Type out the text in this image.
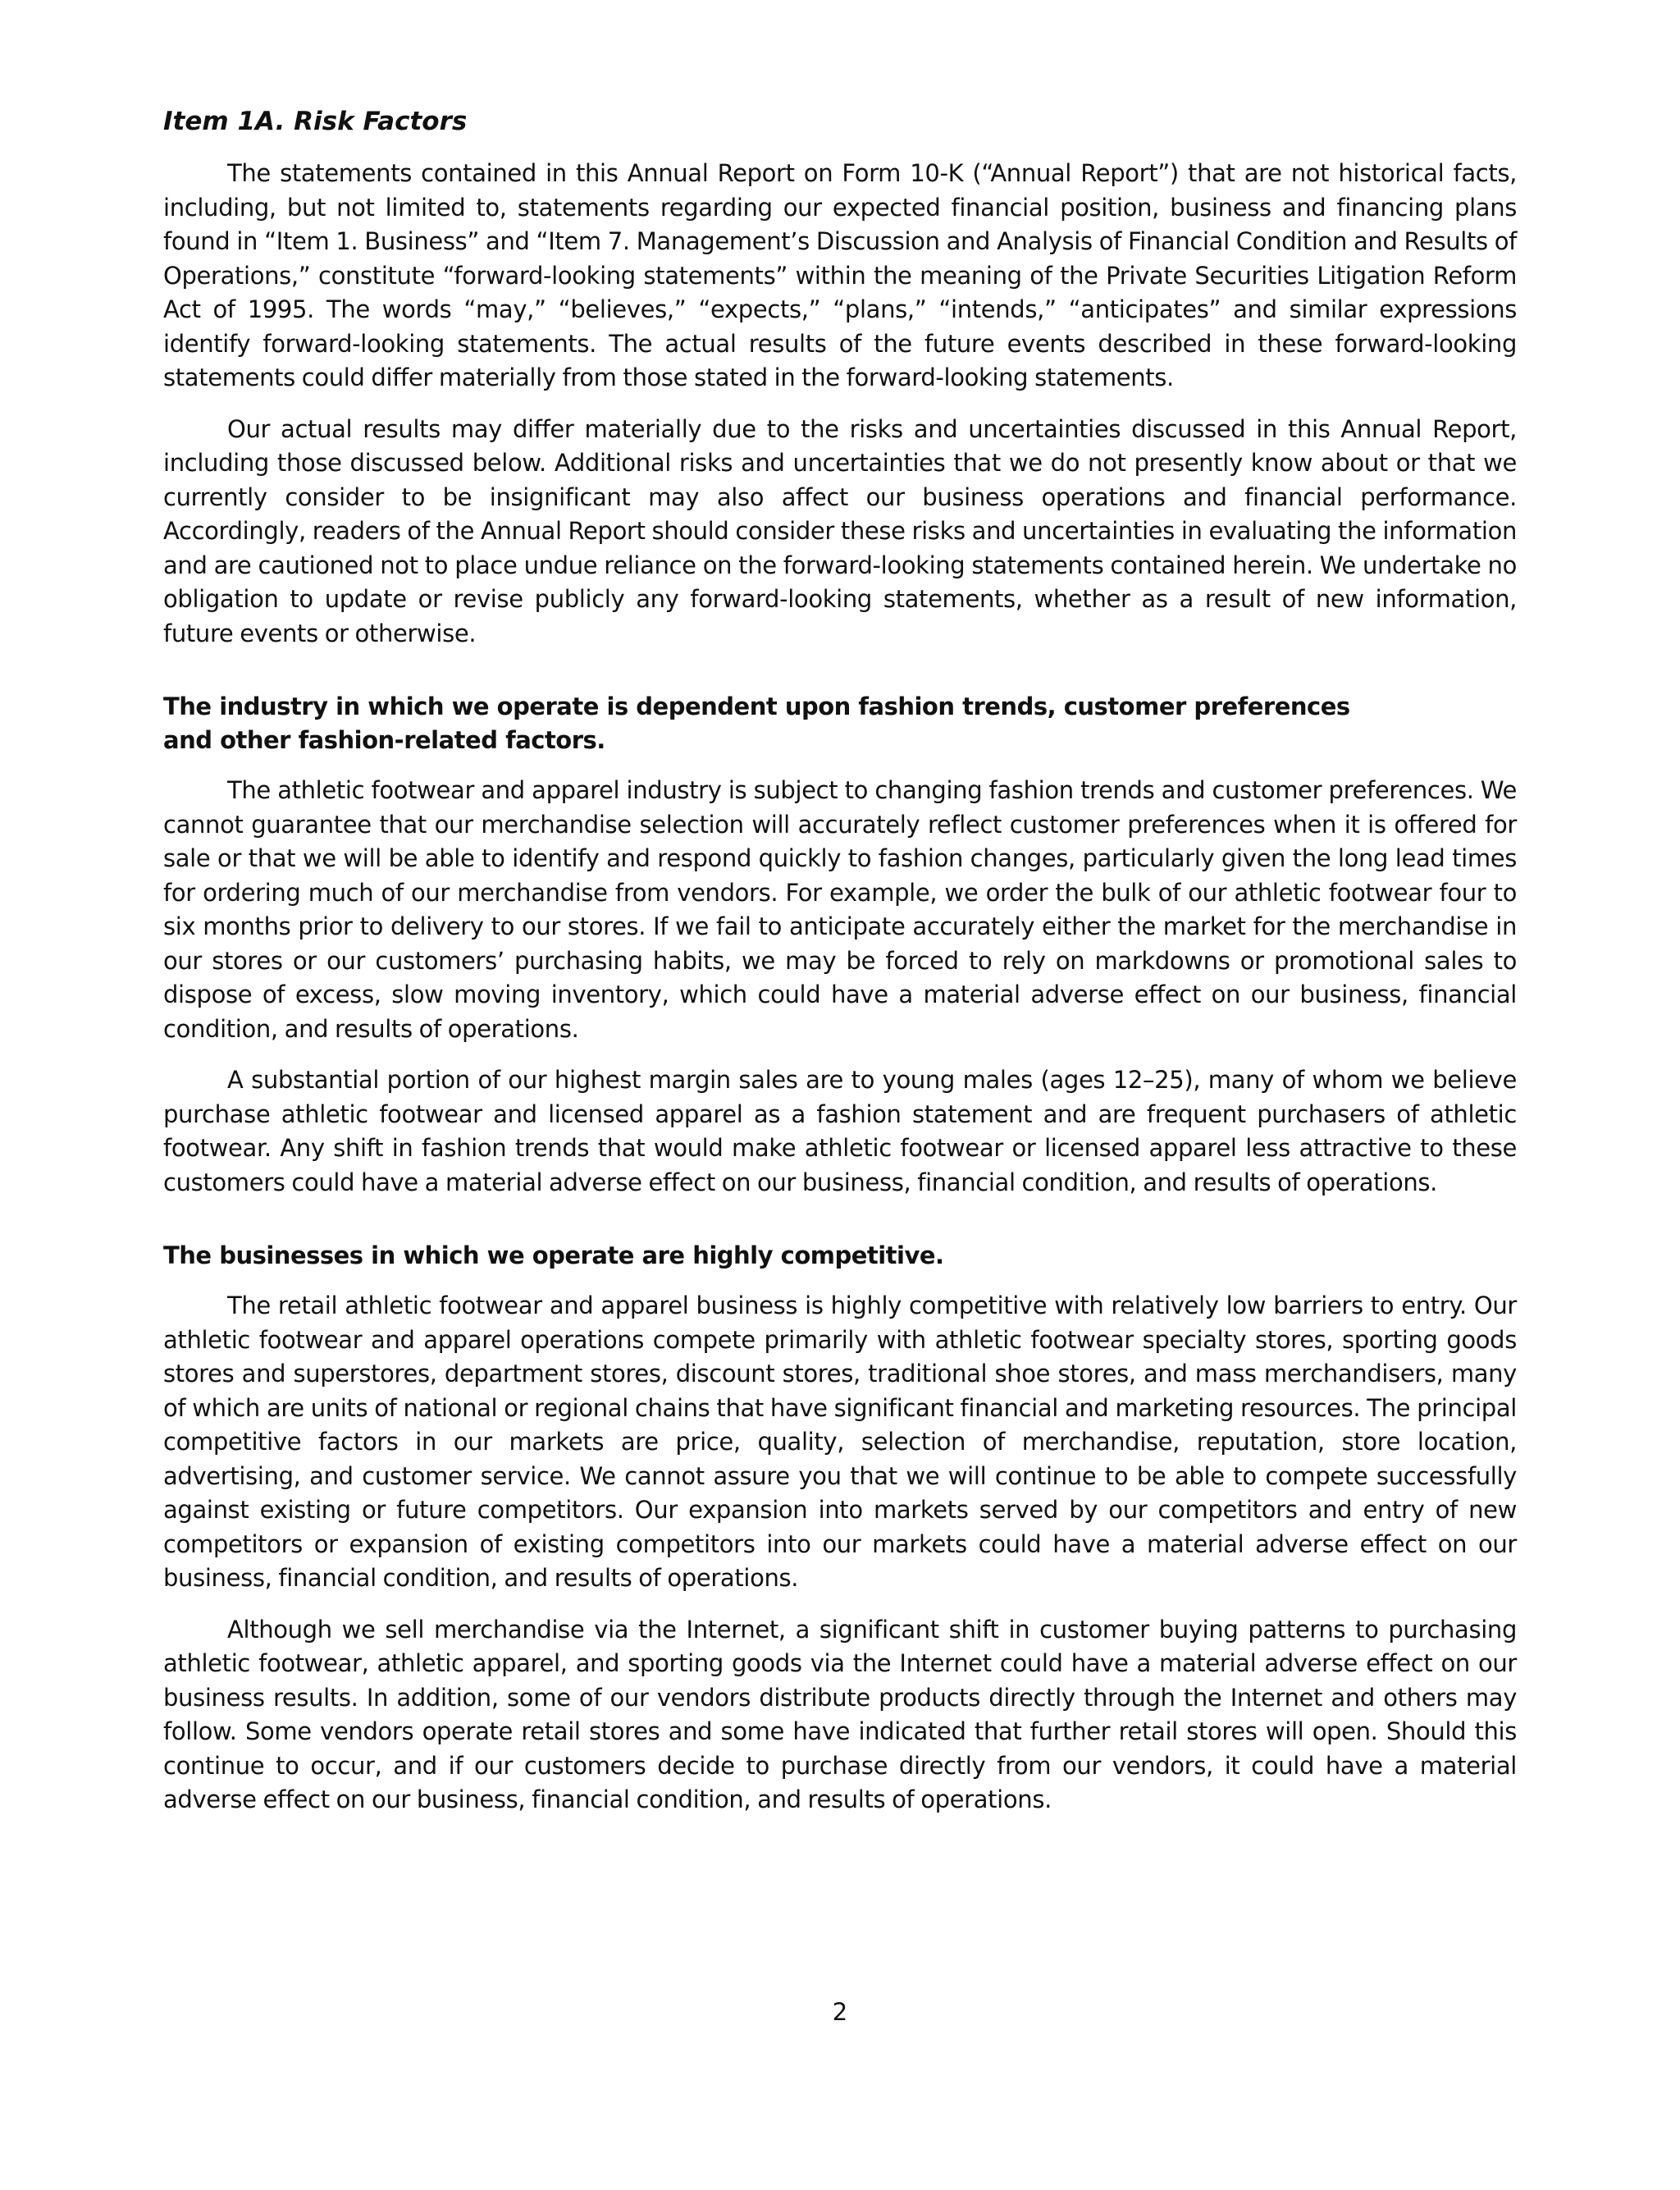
Item 1A. Risk Factors

The statements contained in this Annual Report on Form 10-K (“Annual Report”) that are not historical facts, including, but not limited to, statements regarding our expected financial position, business and financing plans found in “Item 1. Business” and “Item 7. Management’s Discussion and Analysis of Financial Condition and Results of Operations,” constitute “forward-looking statements” within the meaning of the Private Securities Litigation Reform Act of 1995. The words “may,” “believes,” “expects,” “plans,” “intends,” “anticipates” and similar expressions identify forward-looking statements. The actual results of the future events described in these forward-looking statements could differ materially from those stated in the forward-looking statements.

Our actual results may differ materially due to the risks and uncertainties discussed in this Annual Report, including those discussed below. Additional risks and uncertainties that we do not presently know about or that we currently consider to be insignificant may also affect our business operations and financial performance. Accordingly, readers of the Annual Report should consider these risks and uncertainties in evaluating the information and are cautioned not to place undue reliance on the forward-looking statements contained herein. We undertake no obligation to update or revise publicly any forward-looking statements, whether as a result of new information, future events or otherwise.

The industry in which we operate is dependent upon fashion trends, customer preferences and other fashion-related factors.

The athletic footwear and apparel industry is subject to changing fashion trends and customer preferences. We cannot guarantee that our merchandise selection will accurately reflect customer preferences when it is offered for sale or that we will be able to identify and respond quickly to fashion changes, particularly given the long lead times for ordering much of our merchandise from vendors. For example, we order the bulk of our athletic footwear four to six months prior to delivery to our stores. If we fail to anticipate accurately either the market for the merchandise in our stores or our customers’ purchasing habits, we may be forced to rely on markdowns or promotional sales to dispose of excess, slow moving inventory, which could have a material adverse effect on our business, financial condition, and results of operations.

A substantial portion of our highest margin sales are to young males (ages 12–25), many of whom we believe purchase athletic footwear and licensed apparel as a fashion statement and are frequent purchasers of athletic footwear. Any shift in fashion trends that would make athletic footwear or licensed apparel less attractive to these customers could have a material adverse effect on our business, financial condition, and results of operations.

The businesses in which we operate are highly competitive.

The retail athletic footwear and apparel business is highly competitive with relatively low barriers to entry. Our athletic footwear and apparel operations compete primarily with athletic footwear specialty stores, sporting goods stores and superstores, department stores, discount stores, traditional shoe stores, and mass merchandisers, many of which are units of national or regional chains that have significant financial and marketing resources. The principal competitive factors in our markets are price, quality, selection of merchandise, reputation, store location, advertising, and customer service. We cannot assure you that we will continue to be able to compete successfully against existing or future competitors. Our expansion into markets served by our competitors and entry of new competitors or expansion of existing competitors into our markets could have a material adverse effect on our business, financial condition, and results of operations.

Although we sell merchandise via the Internet, a significant shift in customer buying patterns to purchasing athletic footwear, athletic apparel, and sporting goods via the Internet could have a material adverse effect on our business results. In addition, some of our vendors distribute products directly through the Internet and others may follow. Some vendors operate retail stores and some have indicated that further retail stores will open. Should this continue to occur, and if our customers decide to purchase directly from our vendors, it could have a material adverse effect on our business, financial condition, and results of operations.

2
